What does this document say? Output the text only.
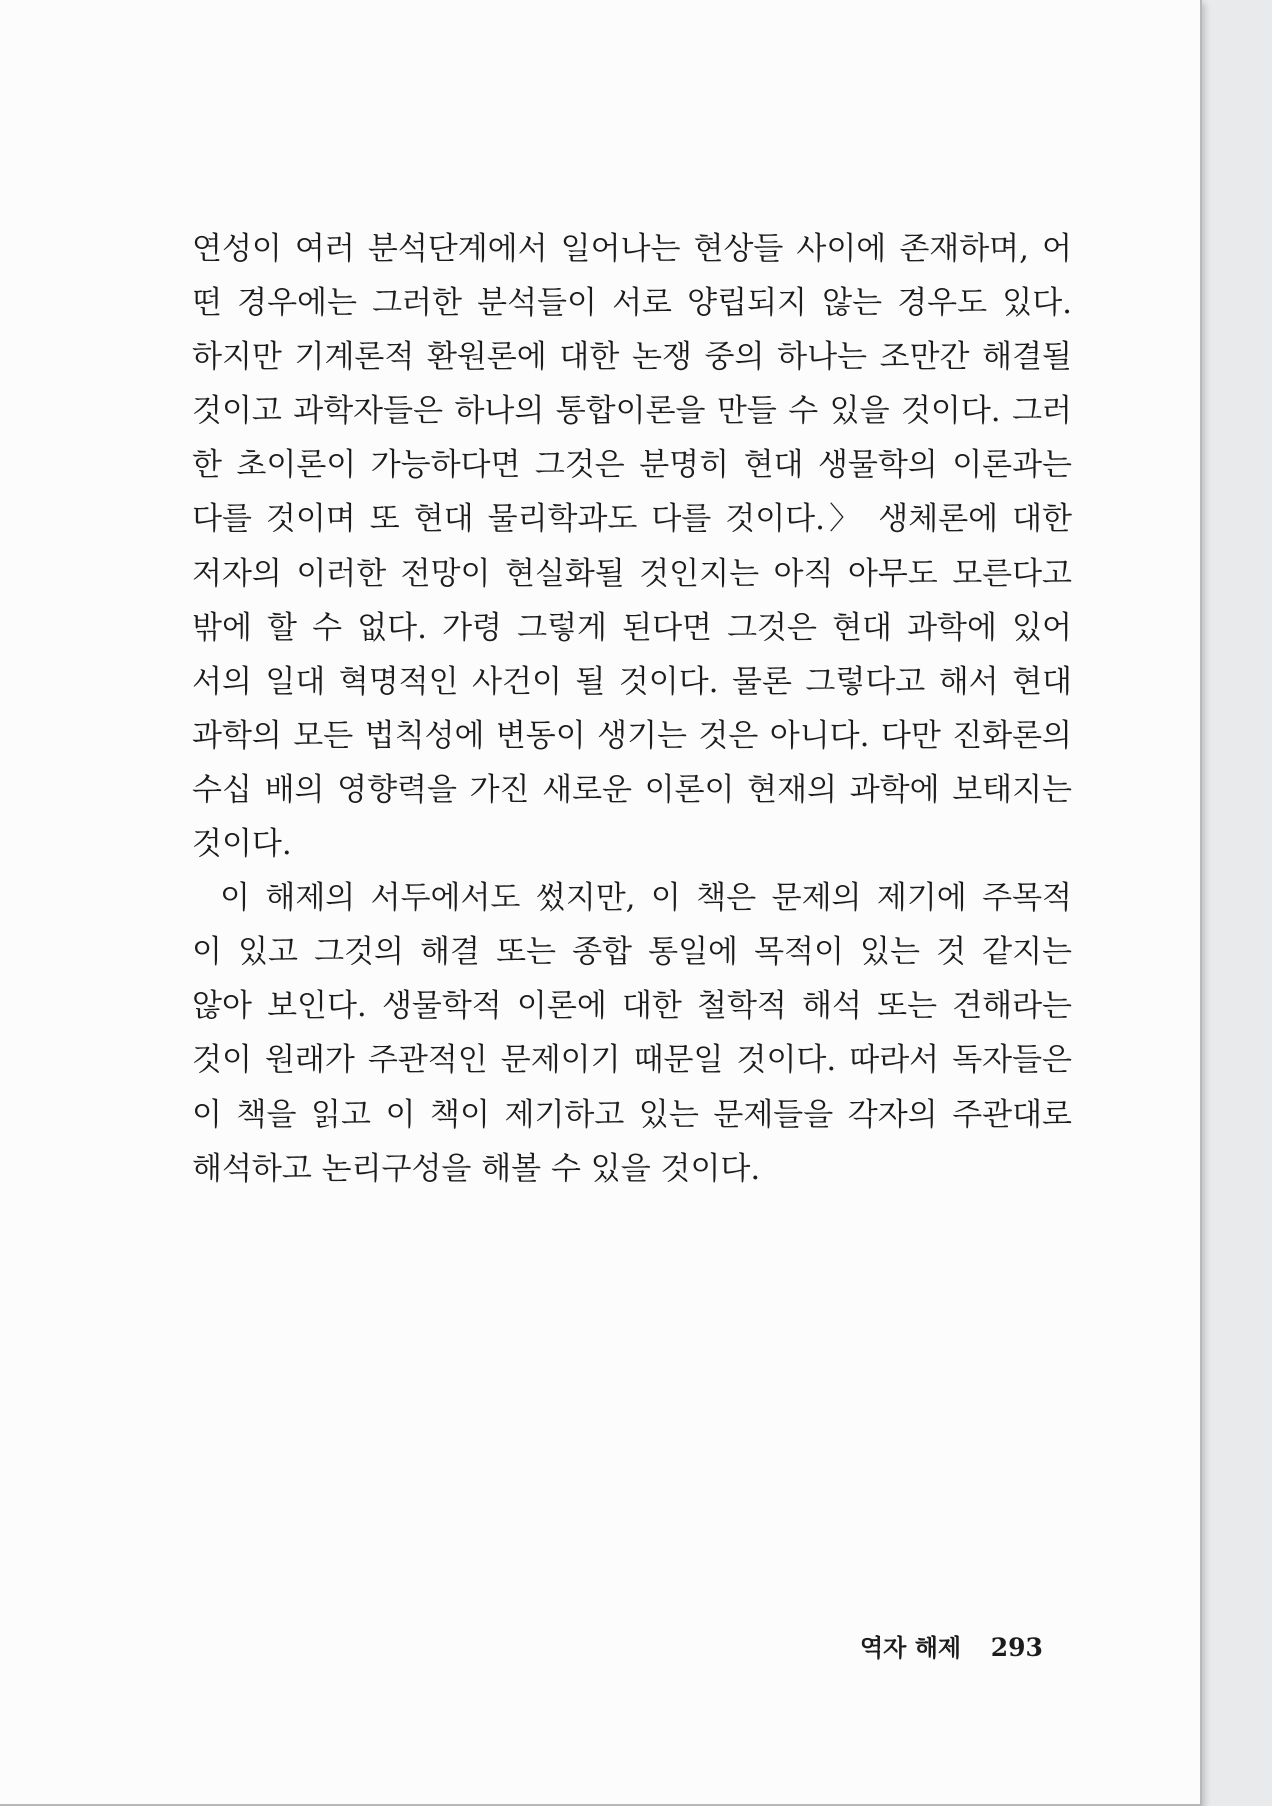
연성이 여러 분석단계에서 일어나는 현상들 사이에 존재하며, 어
떤 경우에는 그러한 분석들이 서로 양립되지 않는 경우도 있다.
하지만 기계론적 환원론에 대한 논쟁 중의 하나는 조만간 해결될
것이고 과학자들은 하나의 통합이론을 만들 수 있을 것이다. 그러
한 초이론이 가능하다면 그것은 분명히 현대 생물학의 이론과는
다를 것이며 또 현대 물리학과도 다를 것이다.〉 생체론에 대한
저자의 이러한 전망이 현실화될 것인지는 아직 아무도 모른다고
밖에 할 수 없다. 가령 그렇게 된다면 그것은 현대 과학에 있어
서의 일대 혁명적인 사건이 될 것이다. 물론 그렇다고 해서 현대
과학의 모든 법칙성에 변동이 생기는 것은 아니다. 다만 진화론의
수십 배의 영향력을 가진 새로운 이론이 현재의 과학에 보태지는
것이다.
이 해제의 서두에서도 썼지만, 이 책은 문제의 제기에 주목적
이 있고 그것의 해결 또는 종합 통일에 목적이 있는 것 같지는
않아 보인다. 생물학적 이론에 대한 철학적 해석 또는 견해라는
것이 원래가 주관적인 문제이기 때문일 것이다. 따라서 독자들은
이 책을 읽고 이 책이 제기하고 있는 문제들을 각자의 주관대로
해석하고 논리구성을 해볼 수 있을 것이다.
역자 해제 293
